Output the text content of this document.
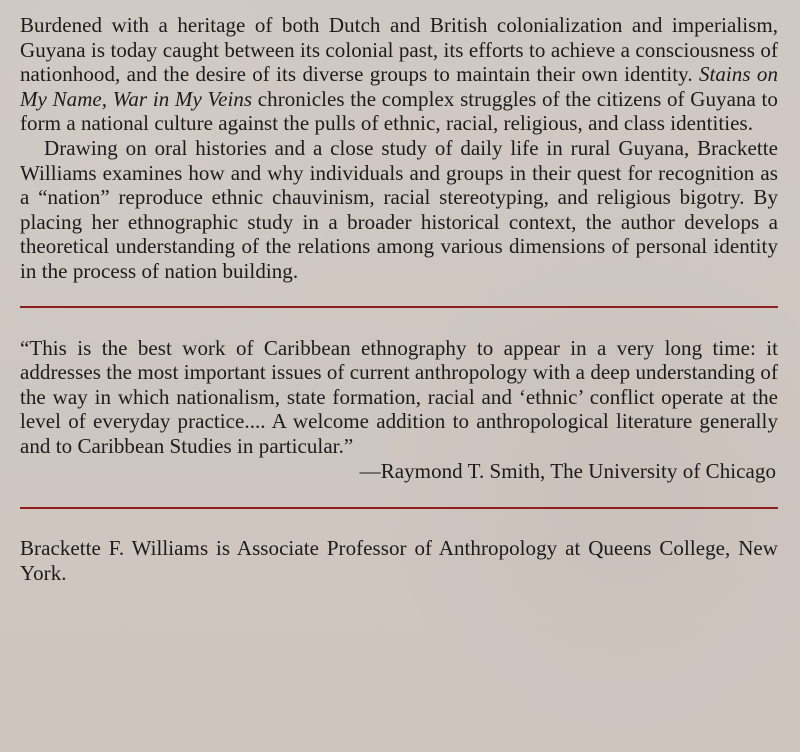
Burdened with a heritage of both Dutch and British colonialization and imperialism, Guyana is today caught between its colonial past, its efforts to achieve a consciousness of nationhood, and the desire of its diverse groups to maintain their own identity. Stains on My Name, War in My Veins chronicles the complex struggles of the citizens of Guyana to form a national culture against the pulls of ethnic, racial, religious, and class identities.

Drawing on oral histories and a close study of daily life in rural Guyana, Brackette Williams examines how and why individuals and groups in their quest for recognition as a “nation” reproduce ethnic chauvinism, racial stereotyping, and religious bigotry. By placing her ethnographic study in a broader historical context, the author develops a theoretical understanding of the relations among various dimensions of personal identity in the process of nation building.

“This is the best work of Caribbean ethnography to appear in a very long time: it addresses the most important issues of current anthropology with a deep understanding of the way in which nationalism, state formation, racial and ‘ethnic’ conflict operate at the level of everyday practice.... A welcome addition to anthropological literature generally and to Caribbean Studies in particular.”

—Raymond T. Smith, The University of Chicago

Brackette F. Williams is Associate Professor of Anthropology at Queens College, New York.
